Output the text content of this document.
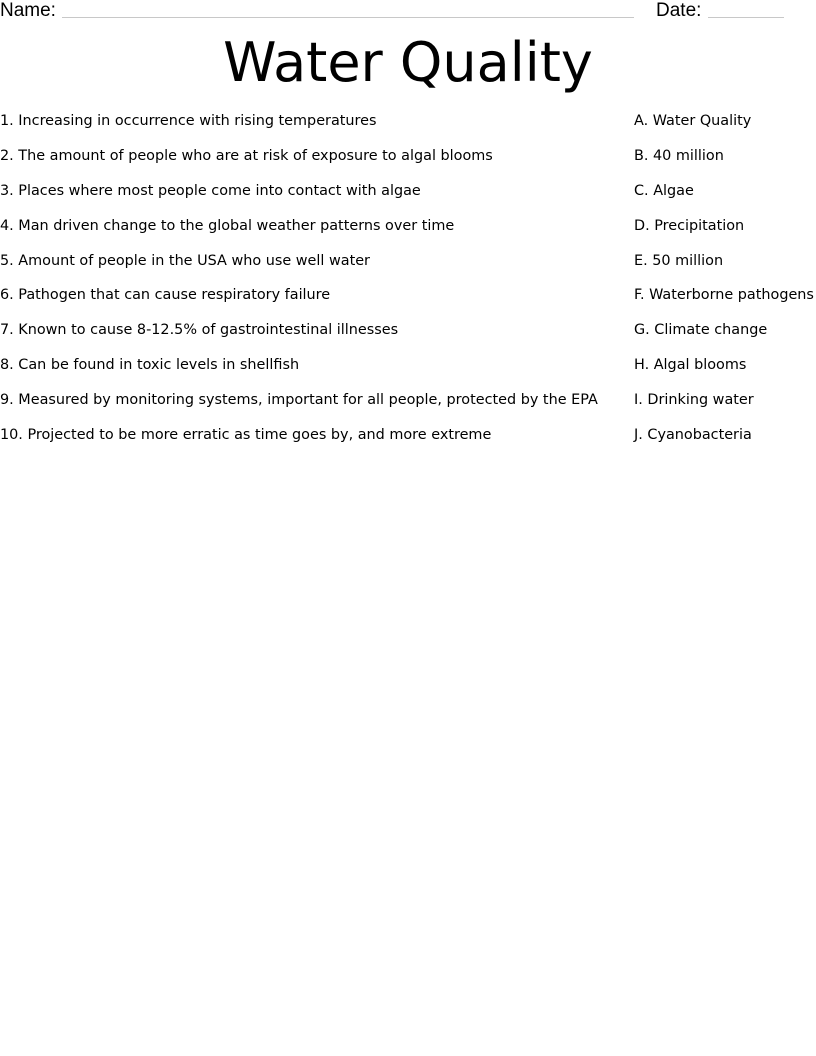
Name:	Date:
Water Quality
1. Increasing in occurrence with rising temperatures
2. The amount of people who are at risk of exposure to algal blooms
3. Places where most people come into contact with algae
4. Man driven change to the global weather patterns over time
5. Amount of people in the USA who use well water
6. Pathogen that can cause respiratory failure
7. Known to cause 8-12.5% of gastrointestinal illnesses
8. Can be found in toxic levels in shellfish
9. Measured by monitoring systems, important for all people, protected by the EPA
10. Projected to be more erratic as time goes by, and more extreme
A. Water Quality
B. 40 million
C. Algae
D. Precipitation
E. 50 million
F. Waterborne pathogens
G. Climate change
H. Algal blooms
I. Drinking water
J. Cyanobacteria
